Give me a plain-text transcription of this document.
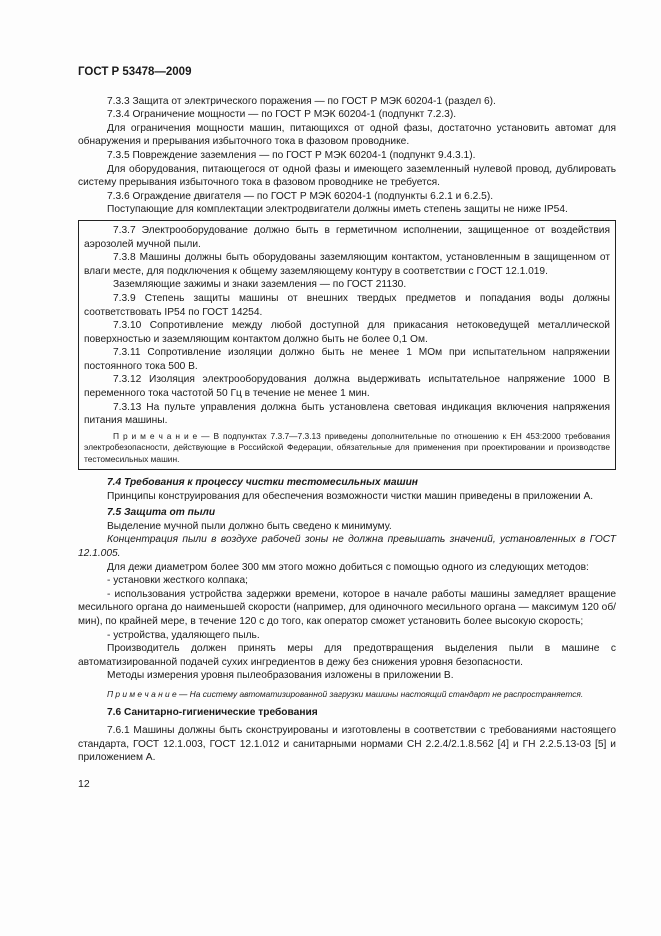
ГОСТ Р 53478—2009

7.3.3 Защита от электрического поражения — по ГОСТ Р МЭК 60204-1 (раздел 6).

7.3.4 Ограничение мощности — по ГОСТ Р МЭК 60204-1 (подпункт 7.2.3).

Для ограничения мощности машин, питающихся от одной фазы, достаточно установить автомат для обнаружения и прерывания избыточного тока в фазовом проводнике.

7.3.5 Повреждение заземления — по ГОСТ Р МЭК 60204-1 (подпункт 9.4.3.1).

Для оборудования, питающегося от одной фазы и имеющего заземленный нулевой провод, дублировать систему прерывания избыточного тока в фазовом проводнике не требуется.

7.3.6 Ограждение двигателя — по ГОСТ Р МЭК 60204-1 (подпункты 6.2.1 и 6.2.5).

Поступающие для комплектации электродвигатели должны иметь степень защиты не ниже IP54.

7.3.7 Электрооборудование должно быть в герметичном исполнении, защищенное от воздействия аэрозолей мучной пыли.

7.3.8 Машины должны быть оборудованы заземляющим контактом, установленным в защищенном от влаги месте, для подключения к общему заземляющему контуру в соответствии с ГОСТ 12.1.019.

Заземляющие зажимы и знаки заземления — по ГОСТ 21130.

7.3.9 Степень защиты машины от внешних твердых предметов и попадания воды должны соответствовать IP54 по ГОСТ 14254.

7.3.10 Сопротивление между любой доступной для прикасания нетоковедущей металлической поверхностью и заземляющим контактом должно быть не более 0,1 Ом.

7.3.11 Сопротивление изоляции должно быть не менее 1 МОм при испытательном напряжении постоянного тока 500 В.

7.3.12 Изоляция электрооборудования должна выдерживать испытательное напряжение 1000 В переменного тока частотой 50 Гц в течение не менее 1 мин.

7.3.13 На пульте управления должна быть установлена световая индикация включения напряжения питания машины.

П р и м е ч а н и е — В подпунктах 7.3.7—7.3.13 приведены дополнительные по отношению к ЕН 453:2000 требования электробезопасности, действующие в Российской Федерации, обязательные для применения при проектировании и производстве тестомесильных машин.

7.4 Требования к процессу чистки тестомесильных машин

Принципы конструирования для обеспечения возможности чистки машин приведены в приложении А.

7.5 Защита от пыли

Выделение мучной пыли должно быть сведено к минимуму.

Концентрация пыли в воздухе рабочей зоны не должна превышать значений, установленных в ГОСТ 12.1.005.

Для дежи диаметром более 300 мм этого можно добиться с помощью одного из следующих методов:

- установки жесткого колпака;

- использования устройства задержки времени, которое в начале работы машины замедляет вращение месильного органа до наименьшей скорости (например, для одиночного месильного органа — максимум 120 об/мин), по крайней мере, в течение 120 с до того, как оператор сможет установить более высокую скорость;

- устройства, удаляющего пыль.

Производитель должен принять меры для предотвращения выделения пыли в машине с автоматизированной подачей сухих ингредиентов в дежу без снижения уровня безопасности.

Методы измерения уровня пылеобразования изложены в приложении В.

П р и м е ч а н и е — На систему автоматизированной загрузки машины настоящий стандарт не распространяется.

7.6 Санитарно-гигиенические требования

7.6.1 Машины должны быть сконструированы и изготовлены в соответствии с требованиями настоящего стандарта, ГОСТ 12.1.003, ГОСТ 12.1.012 и санитарными нормами СН 2.2.4/2.1.8.562 [4] и ГН 2.2.5.13-03 [5] и приложением А.

12
